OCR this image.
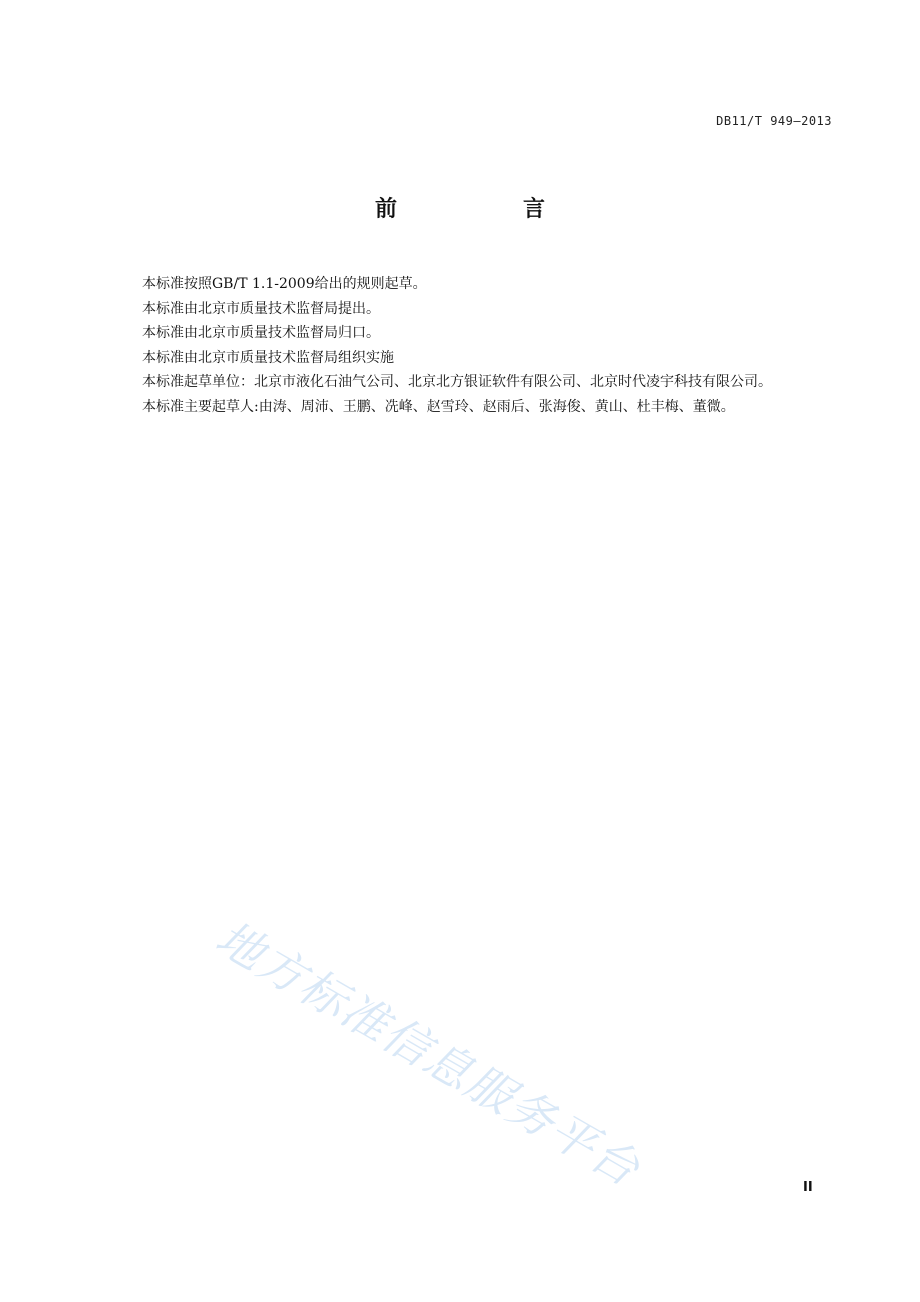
DB11/T 949—2013
前　言

本标准按照GB/T 1.1-2009给出的规则起草。

本标准由北京市质量技术监督局提出。

本标准由北京市质量技术监督局归口。

本标准由北京市质量技术监督局组织实施

本标准起草单位：北京市液化石油气公司、北京北方银证软件有限公司、北京时代凌宇科技有限公司。

本标准主要起草人:由涛、周沛、王鹏、冼峰、赵雪玲、赵雨后、张海俊、黄山、杜丰梅、董微。

地方标准信息服务平台	II
